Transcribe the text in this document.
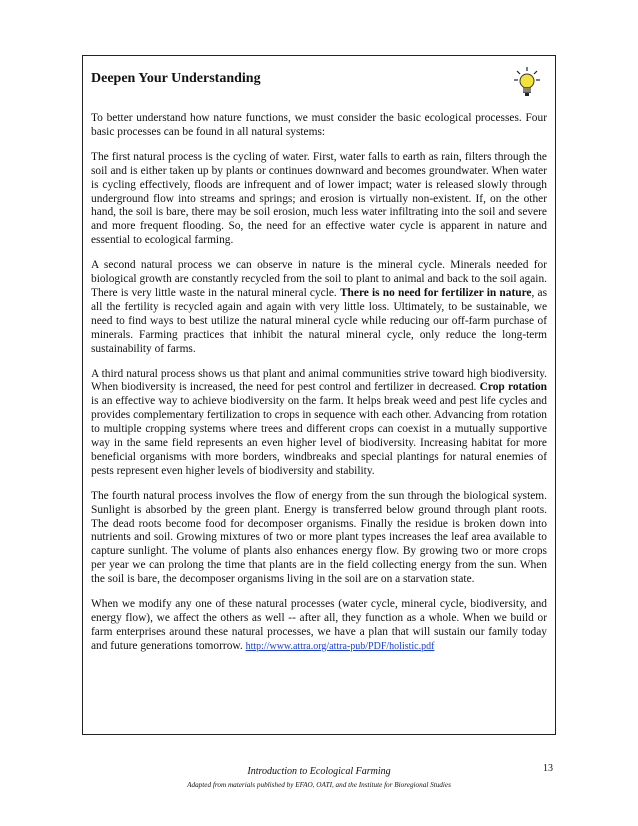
Deepen Your Understanding

To better understand how nature functions, we must consider the basic ecological processes. Four basic processes can be found in all natural systems:

The first natural process is the cycling of water. First, water falls to earth as rain, filters through the soil and is either taken up by plants or continues downward and becomes groundwater. When water is cycling effectively, floods are infrequent and of lower impact; water is released slowly through underground flow into streams and springs; and erosion is virtually non-existent. If, on the other hand, the soil is bare, there may be soil erosion, much less water infiltrating into the soil and severe and more frequent flooding. So, the need for an effective water cycle is apparent in nature and essential to ecological farming.

A second natural process we can observe in nature is the mineral cycle. Minerals needed for biological growth are constantly recycled from the soil to plant to animal and back to the soil again. There is very little waste in the natural mineral cycle. There is no need for fertilizer in nature, as all the fertility is recycled again and again with very little loss. Ultimately, to be sustainable, we need to find ways to best utilize the natural mineral cycle while reducing our off-farm purchase of minerals. Farming practices that inhibit the natural mineral cycle, only reduce the long-term sustainability of farms.

A third natural process shows us that plant and animal communities strive toward high biodiversity. When biodiversity is increased, the need for pest control and fertilizer in decreased. Crop rotation is an effective way to achieve biodiversity on the farm. It helps break weed and pest life cycles and provides complementary fertilization to crops in sequence with each other. Advancing from rotation to multiple cropping systems where trees and different crops can coexist in a mutually supportive way in the same field represents an even higher level of biodiversity. Increasing habitat for more beneficial organisms with more borders, windbreaks and special plantings for natural enemies of pests represent even higher levels of biodiversity and stability.

The fourth natural process involves the flow of energy from the sun through the biological system. Sunlight is absorbed by the green plant. Energy is transferred below ground through plant roots. The dead roots become food for decomposer organisms. Finally the residue is broken down into nutrients and soil. Growing mixtures of two or more plant types increases the leaf area available to capture sunlight. The volume of plants also enhances energy flow. By growing two or more crops per year we can prolong the time that plants are in the field collecting energy from the sun. When the soil is bare, the decomposer organisms living in the soil are on a starvation state.

When we modify any one of these natural processes (water cycle, mineral cycle, biodiversity, and energy flow), we affect the others as well -- after all, they function as a whole. When we build or farm enterprises around these natural processes, we have a plan that will sustain our family today and future generations tomorrow. http://www.attra.org/attra-pub/PDF/holistic.pdf

Introduction to Ecological Farming
Adapted from materials published by EFAO, OATI, and the Institute for Bioregional Studies
13
